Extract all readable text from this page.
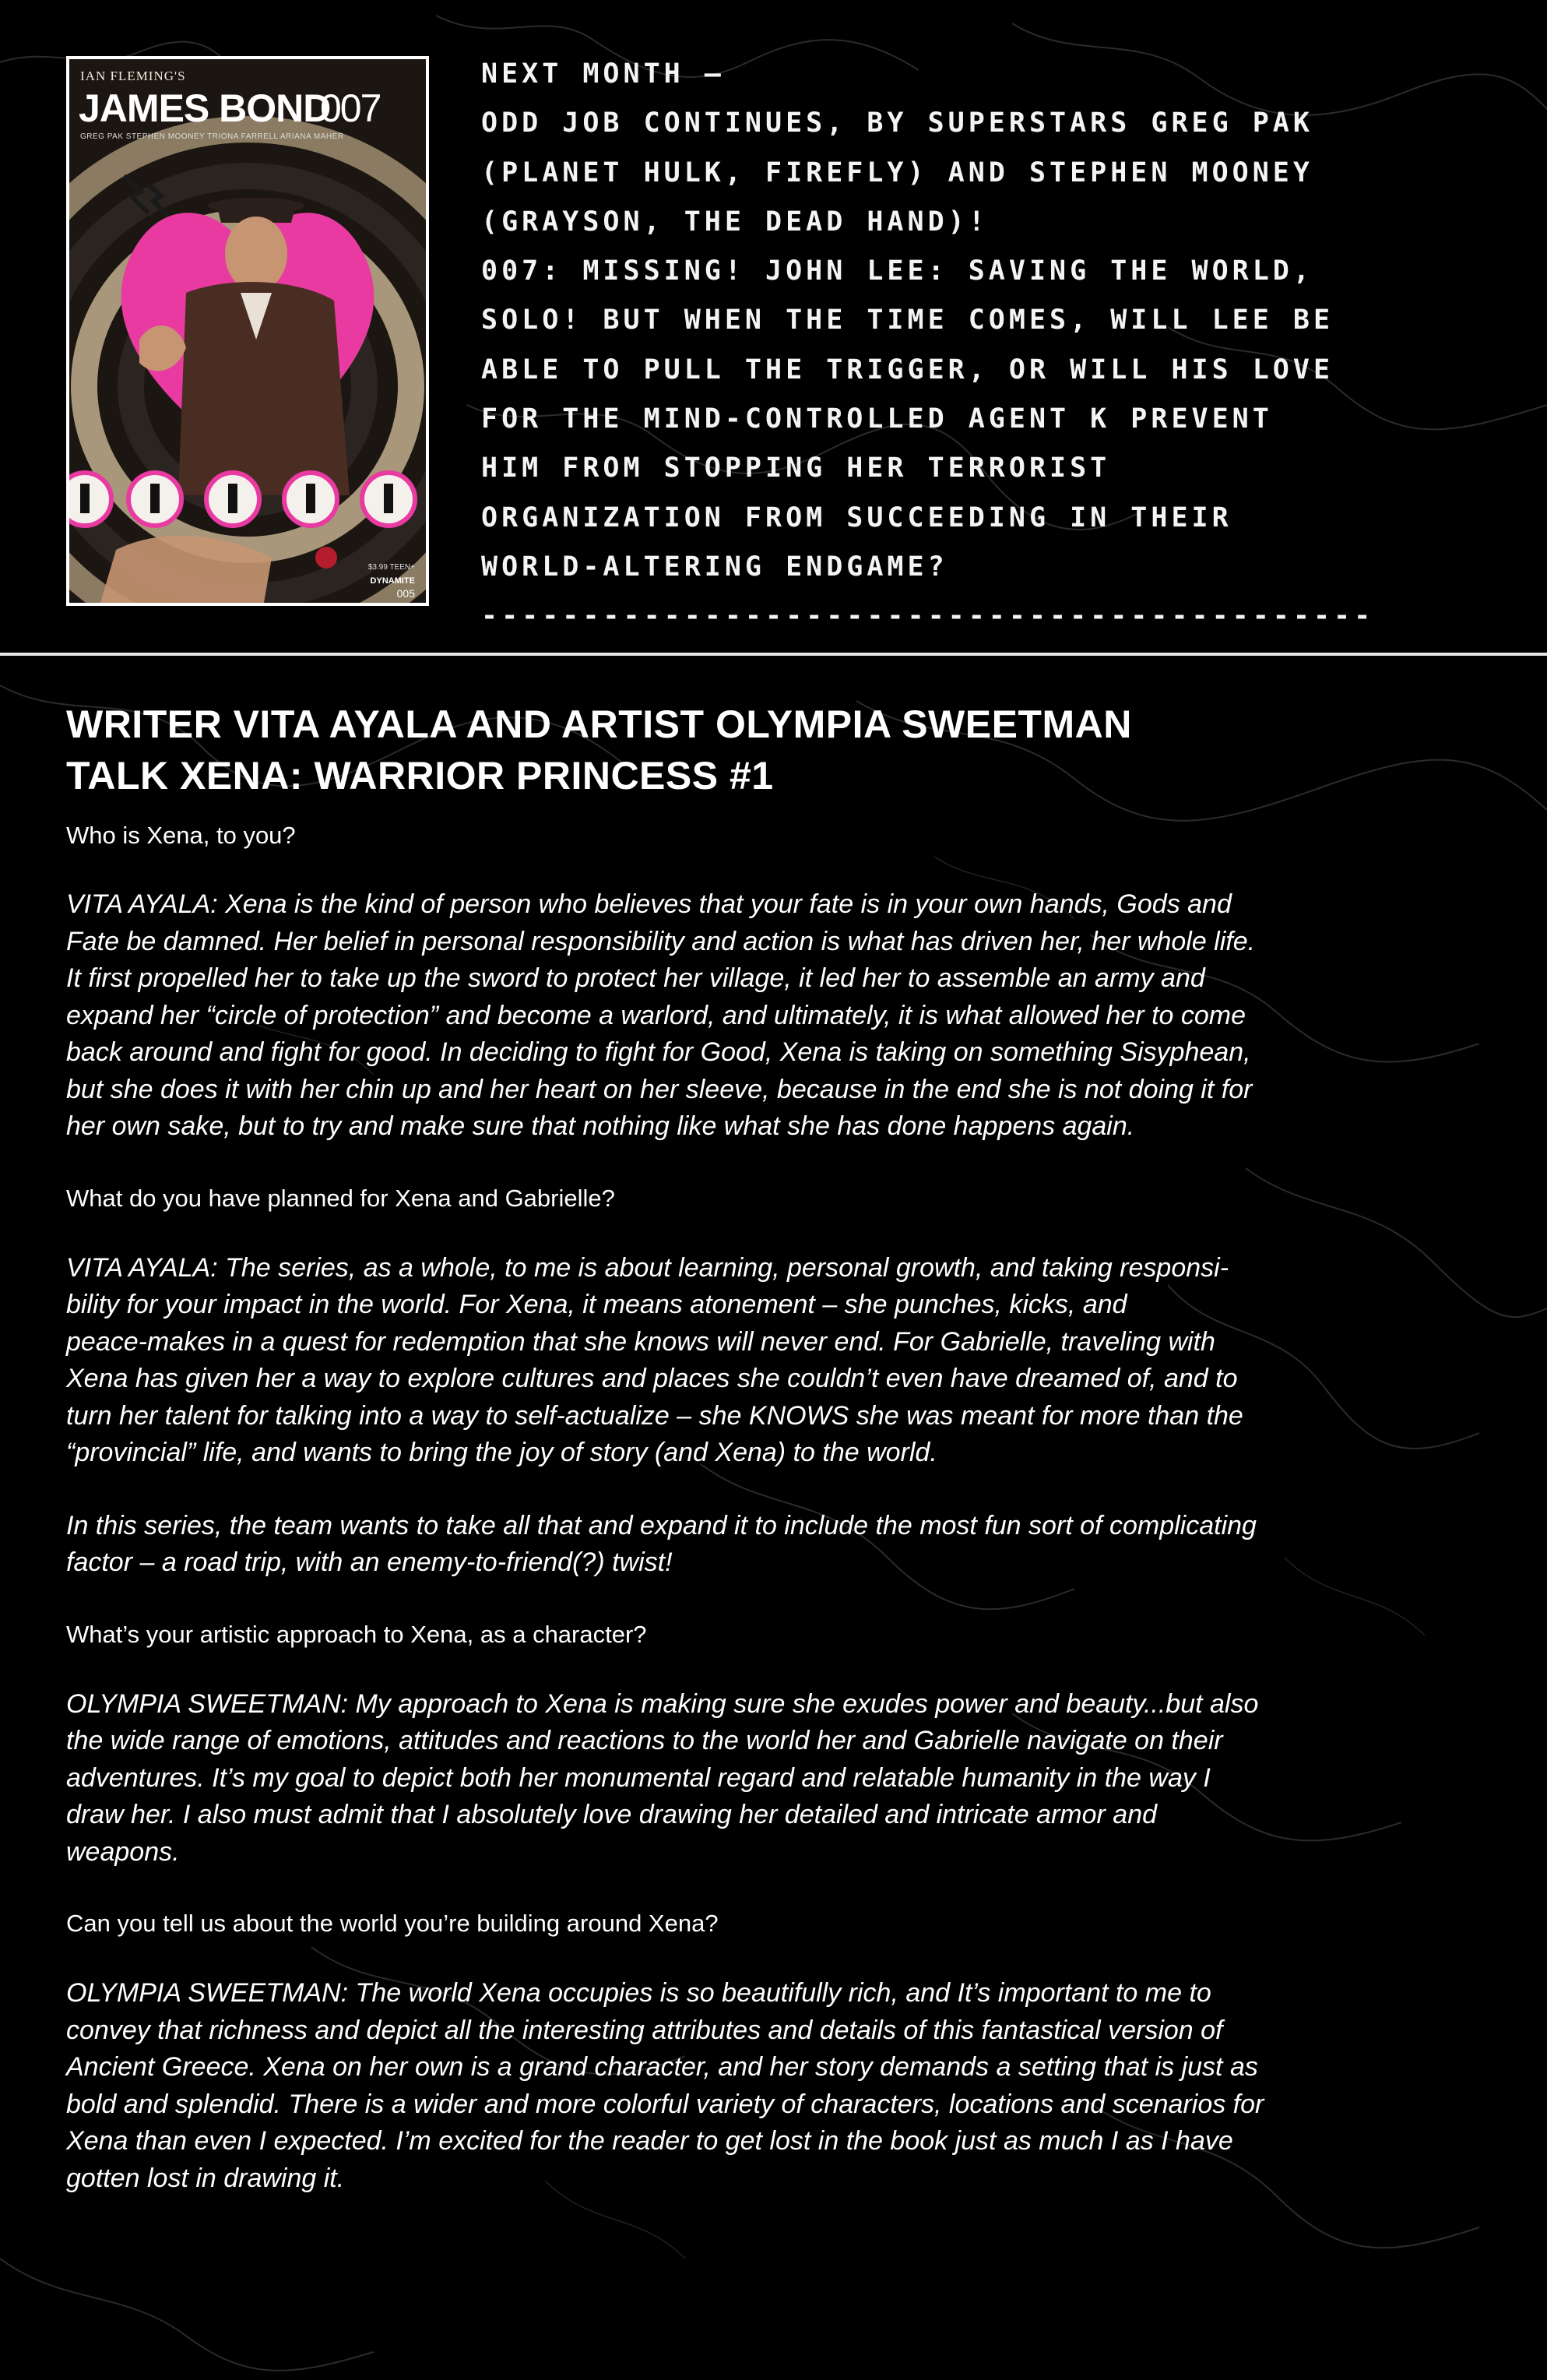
IAN FLEMING'S
JAMES BOND
007
GREG PAK STEPHEN MOONEY TRIONA FARRELL ARIANA MAHER
$3.99 TEEN+
DYNAMITE
005
NEXT MONTH –
ODD JOB CONTINUES, BY SUPERSTARS GREG PAK
(PLANET HULK, FIREFLY) AND STEPHEN MOONEY
(GRAYSON, THE DEAD HAND)!
007: MISSING! JOHN LEE: SAVING THE WORLD,
SOLO! BUT WHEN THE TIME COMES, WILL LEE BE
ABLE TO PULL THE TRIGGER, OR WILL HIS LOVE
FOR THE MIND-CONTROLLED AGENT K PREVENT
HIM FROM STOPPING HER TERRORIST
ORGANIZATION FROM SUCCEEDING IN THEIR
WORLD-ALTERING ENDGAME?
--------------------------------------------
WRITER VITA AYALA AND ARTIST OLYMPIA SWEETMAN
TALK XENA: WARRIOR PRINCESS #1

Who is Xena, to you?

VITA AYALA: Xena is the kind of person who believes that your fate is in your own hands, Gods and
Fate be damned. Her belief in personal responsibility and action is what has driven her, her whole life.
It first propelled her to take up the sword to protect her village, it led her to assemble an army and
expand her “circle of protection” and become a warlord, and ultimately, it is what allowed her to come
back around and fight for good. In deciding to fight for Good, Xena is taking on something Sisyphean,
but she does it with her chin up and her heart on her sleeve, because in the end she is not doing it for
her own sake, but to try and make sure that nothing like what she has done happens again.

What do you have planned for Xena and Gabrielle?

VITA AYALA: The series, as a whole, to me is about learning, personal growth, and taking responsi-
bility for your impact in the world. For Xena, it means atonement – she punches, kicks, and
peace-makes in a quest for redemption that she knows will never end. For Gabrielle, traveling with
Xena has given her a way to explore cultures and places she couldn’t even have dreamed of, and to
turn her talent for talking into a way to self-actualize – she KNOWS she was meant for more than the
“provincial” life, and wants to bring the joy of story (and Xena) to the world.
In this series, the team wants to take all that and expand it to include the most fun sort of complicating
factor – a road trip, with an enemy-to-friend(?) twist!

What’s your artistic approach to Xena, as a character?

OLYMPIA SWEETMAN: My approach to Xena is making sure she exudes power and beauty...but also
the wide range of emotions, attitudes and reactions to the world her and Gabrielle navigate on their
adventures. It’s my goal to depict both her monumental regard and relatable humanity in the way I
draw her. I also must admit that I absolutely love drawing her detailed and intricate armor and
weapons.

Can you tell us about the world you’re building around Xena?

OLYMPIA SWEETMAN: The world Xena occupies is so beautifully rich, and It’s important to me to
convey that richness and depict all the interesting attributes and details of this fantastical version of
Ancient Greece. Xena on her own is a grand character, and her story demands a setting that is just as
bold and splendid. There is a wider and more colorful variety of characters, locations and scenarios for
Xena than even I expected. I’m excited for the reader to get lost in the book just as much I as I have
gotten lost in drawing it.
